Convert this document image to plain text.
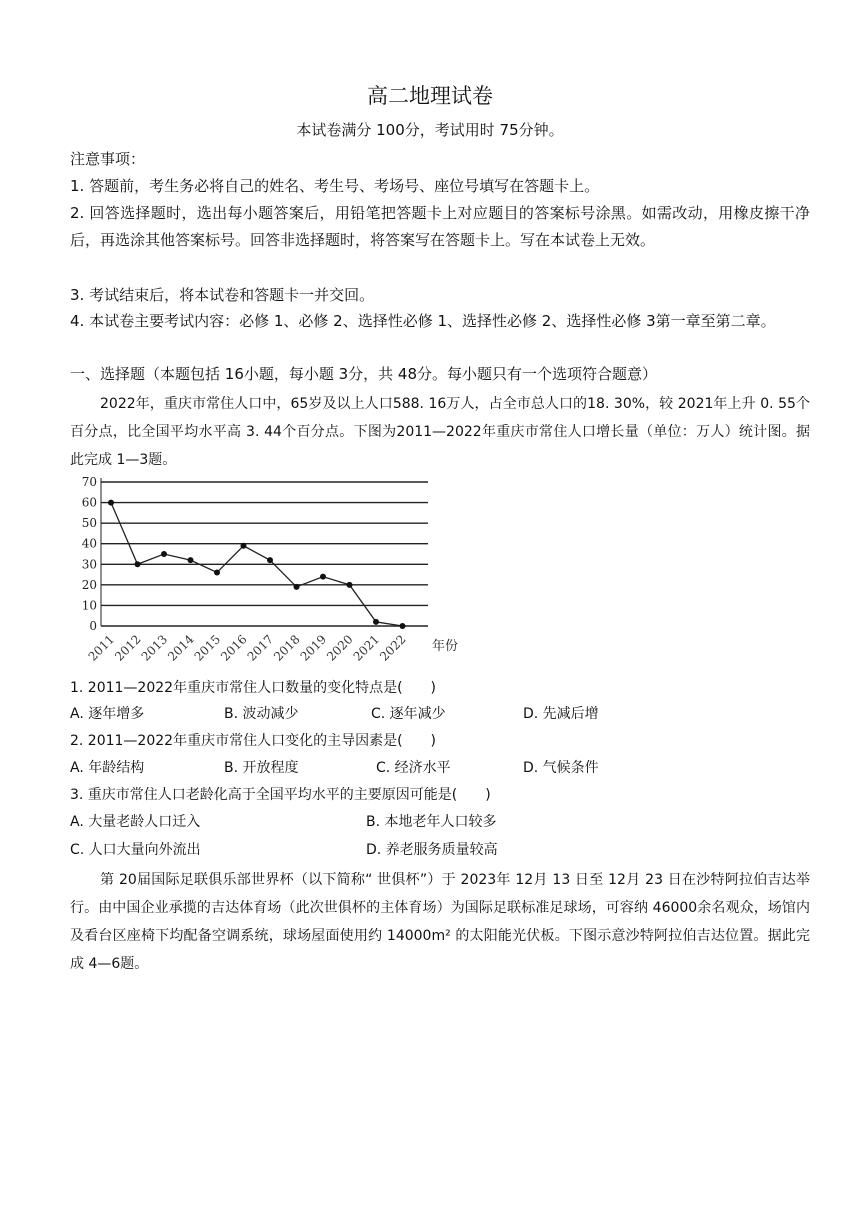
高二地理试卷
本试卷满分 100分，考试用时 75分钟。
注意事项：
1. 答题前，考生务必将自己的姓名、考生号、考场号、座位号填写在答题卡上。
2. 回答选择题时，选出每小题答案后，用铅笔把答题卡上对应题目的答案标号涂黑。如需改动，用橡皮擦干净后，再选涂其他答案标号。回答非选择题时，将答案写在答题卡上。写在本试卷上无效。
3. 考试结束后，将本试卷和答题卡一并交回。
4. 本试卷主要考试内容：必修 1、必修 2、选择性必修 1、选择性必修 2、选择性必修 3第一章至第二章。
一、选择题（本题包括 16小题，每小题 3分，共 48分。每小题只有一个选项符合题意）
2022年，重庆市常住人口中，65岁及以上人口588. 16万人，占全市总人口的18. 30%，较 2021年上升 0. 55个百分点，比全国平均水平高 3. 44个百分点。下图为2011—2022年重庆市常住人口增长量（单位：万人）统计图。据此完成 1—3题。
0
10
20
30
40
50
60
70
2011
2012
2013
2014
2015
2016
2017
2018
2019
2020
2021
2022 年份
1. 2011—2022年重庆市常住人口数量的变化特点是(　　)
A. 逐年增多	B. 波动减少	C. 逐年减少	D. 先减后增
2. 2011—2022年重庆市常住人口变化的主导因素是(　　)
A. 年龄结构	B. 开放程度	C. 经济水平	D. 气候条件
3. 重庆市常住人口老龄化高于全国平均水平的主要原因可能是(　　)
A. 大量老龄人口迁入	B. 本地老年人口较多
C. 人口大量向外流出	D. 养老服务质量较高
第 20届国际足联俱乐部世界杯（以下简称“ 世俱杯”）于 2023年 12月 13 日至 12月 23 日在沙特阿拉伯吉达举行。由中国企业承揽的吉达体育场（此次世俱杯的主体育场）为国际足联标准足球场，可容纳 46000余名观众，场馆内及看台区座椅下均配备空调系统，球场屋面使用约 14000m² 的太阳能光伏板。下图示意沙特阿拉伯吉达位置。据此完成 4—6题。
